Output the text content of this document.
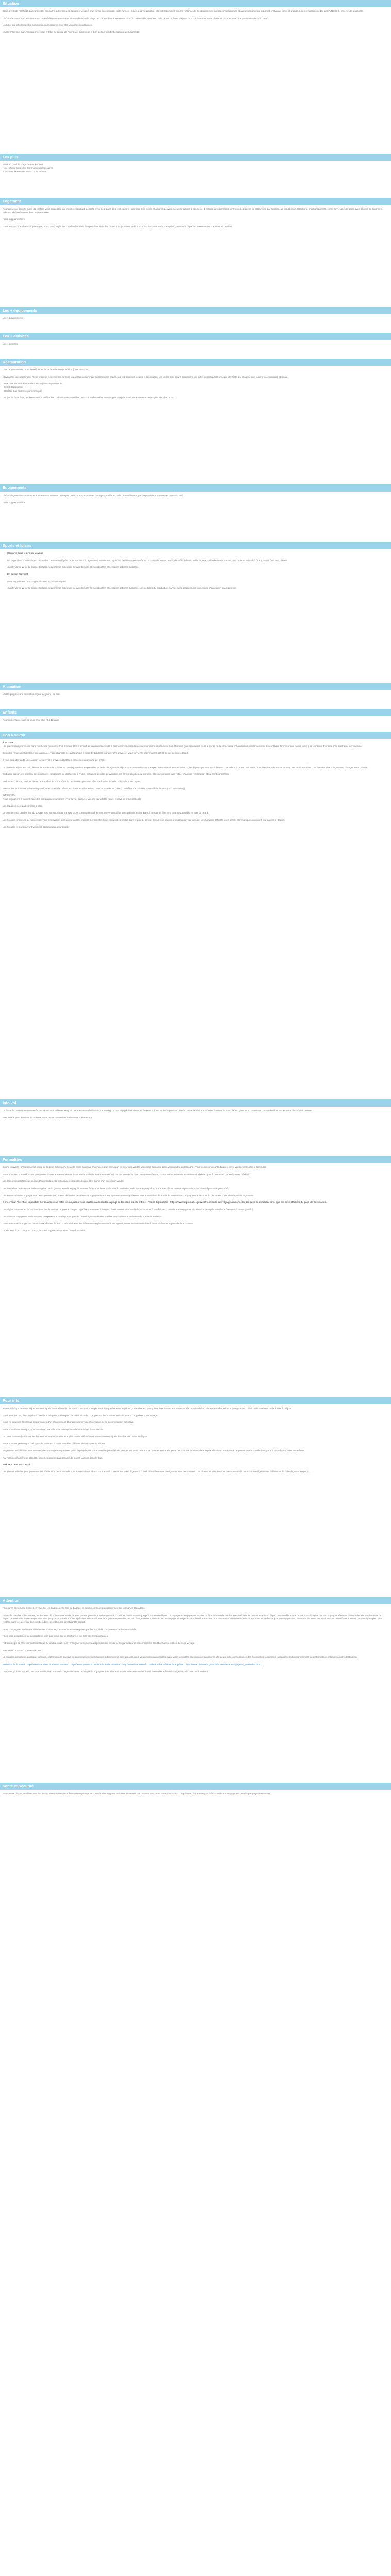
Situation

Situé à l'est de l'archipel, Lanzarote doit connaître autre îles des Canaries. Ajoutée d'un climat exceptionnel toute l'année. Grâce à sa vie paisible, elle est renommée pour le mélange de ses plages, ses paysages volcaniques et sa gastronomie qui pourront enchanter petits et grands. L'île est aussi protégée par l'UNESCO, réserve de biosphère.

L'hôtel VIK Hotel San Antonio 4* est un établissement moderne situé au bord de la plage de Los Pocillos à seulement 3km du centre-ville de Puerto del Carmen. L'hôtel dispose de 331 chambres et de plusieurs piscines avec vue panoramique sur l'océan.

Un hôtel qui offre toutes les commodités nécessaires pour des vacances inoubliables.

L'hôtel VIK Hotel San Antonio 4* se situe à 3 km du centre de Puerto del Carmen et à 8km de l'aéroport international de Lanzarote.

Les plus

Situé en bord de plage de Los Pocillos

Hôtel offrant toutes les commodités nécessaires

3 piscines extérieures dont 1 pour enfants

Logement

Pour un séjour sous le signe du confort, vous serez logé en chambre standard, décorée avec goût dans des tons clairs et lumineux. Ces belles chambres peuvent accueillir jusqu'à 2 adultes et 1 enfant. Les chambres sont toutes équipées de : télévision par satellite, air conditionné, téléphone, minibar (payant), coffre-fort*, salle de bains avec douche ou baignoire, toilettes, sèche-cheveux, balcon ou terrasse.

*frais supplémentaire

Dans le cas d'une chambre quadruple, vous serez logés en chambre familiale équipée d'un lit double ou de 2 lits jumeaux et de 1 ou 2 lits d'appoint (sofa, canapé-lit), avec une capacité maximale de 3 adultes et 1 enfant.

Les + équipements

Les + équipements

Les + activités

Les + activités

Restauration

Lors de votre séjour, vous bénéficierez de la formule demi-pension (hors boissons).

Moyennant un supplément, l'hôtel propose également la formule tout inclus comprenant aussi tous les repas, que les boissons locales et les snacks. Les repas sont servis sous forme de buffet au restaurant principal de l'hôtel qui propose une cuisine internationale et locale.

Deux bars servent à votre disposition (avec supplément) :

- Snack Bar piscine

- Cocktail Bar (terrasse panoramique)

Les jus de fruits frais, les boissons importées, les cocktails mais aussi les boissons en bouteilles ne sont pas compris. Une tenue correcte est exigée lors des repas.

Equipements

L'hôtel dispose des services et équipements suivants : réception 24h/24, room service*, boutique*, coiffeur*, salle de conférence, parking extérieur, transats et parasols, wifi.

*frais supplémentaire

Sports et loisirs

Compris dans le prix du voyage

Un large choix d'activités est disponible : animation légère de jour et de soir, 3 piscines extérieures, 1 piscine extérieure pour enfants, 2 courts de tennis, tennis de table, billards, salle de jeux, salle de fitness, sauna, aire de jeux, mini-club (4 à 12 ans), bain turc, fitness.

À noter qu'au vu de la météo, certains équipements extérieurs peuvent ne pas être praticables et certaines activités annulées.

En option (payant)

Avec supplément : massages et soins, sports nautiques.

À noter qu'au vu de la météo, certains équipements extérieurs peuvent ne pas être praticables et certaines activités annulées. Les activités du sport et les soirées sont assurées par une équipe d'animation internationale.

Animation

L'hôtel propose une animation légère de jour et de soir.

Enfants

Pour vos enfants : aire de jeux, mini-club (4 à 12 ans).

Bon à savoir

À NOTER

Les prestations proposées dans nos fiches peuvent à tout moment être suspendues ou modifiées suite à des restrictions sanitaires ou pour raison impérieuse. Les différents gouvernements dans le cadre de la lutte contre d'éventuelles pandémies sont susceptibles d'imposer des délais, ainsi que Monsieur Tourisme n'en sont tenu responsable.

Selon les règles de l'hôtellerie internationale, votre chambre sera disponible à partir de 14h00 le jour de votre arrivée et vous devrez la libérer avant 12h00 le jour de votre départ.

Il vous sera demandé une caution lors de votre arrivée à l'hôtel en espèces ou par carte de crédit.

La durée du séjour est calculée sur le nombre de nuitées et non de journées. La première et la dernière jour de séjour sont consacrées au transport international. Les arrivées ou les départs pouvant avoir lieu en cours de nuit ou au petit matin, la nuitée des vols retour ne sont pas remboursables. Les horaires des vols peuvent changer sans préavis.

En basse saison, en fonction des conditions climatiques ou d'affluence à l'hôtel, certaines activités peuvent ne pas être pratiquées ou fermées. Elles ne peuvent faire l'objet d'aucune réclamation et/ou remboursement.

En fonction de vos horaires de vol, le transfert de votre hôtel de destination peut être effectué à votre arrivée ou lors de votre départ.

Suivant les indications suivantes quand vous sortez de l'aéroport : Sortir à droite, suivre "Bus" et monter le (Hôte ; Transfert "Lanzarote - Puerto del Carmen" (Taxi Bus Hôtel)).

INFOS VOL

Nous voyageons à travers l'une des compagnies suivantes : Transavia, EasyJet, Vueling ou Volotea (sous réserve de modifications)

Les repas ne sont pas compris à bord.

Le premier et le dernier jour du voyage sont consacrés au transport. Les compagnies aériennes peuvent modifier sans préavis les horaires, il ne saurait être tenu pour responsable en cas de retard.

Les horaires proposés au moment de votre réservation sont donnés à titre indicatif. Le transfert hôtel-aéroport est inclus dans le prix du séjour. Il peut être soumis à modification par la suite. Les horaires définitifs vous seront communiqués environ 7 jours avant le départ.

Les horaires retour pourront vous être communiqués sur place.

Info vol

La flotte de Volotea est composée de 39 avions modèle Boeing 717 et 4 avions Airbus A319. Le Boeing 717 est équipé de moteurs Rolls-Royce, il est reconnu pour son confort et sa fiabilité. Ce modèle d'avions de 125 places, garantit un niveau de confort élevé et respectueux de l'environnement.

Pour voir le parc d'avions de Volotea, vous pouvez consulter le site www.volotea.com.

Formalités

Bonne nouvelle : L'Espagne fait partie de la zone Schengen. Seule la carte nationale d'identité ou un passeport en cours de validité vous sera demandé pour vous rendre en Espagne. Pour les ressortissants d'autres pays, veuillez consulter le Consulat.

Nous vous recommandons de vous munir d'une carte européenne d'assurance maladie avant votre départ. En cas de séjour hors Union européenne, contactez les autorités sanitaires et n'hésitez pas à demander conseil à votre médecin.

Les ressortissants français qui ne détiennent plus la nationalité espagnole doivent être munis d'un passeport valide.

Les nouvelles mesures sanitaires exigées par le gouvernement espagnol peuvent être consultées sur le site du ministère de la santé espagnol ou sur le site officiel France Diplomatie https://www.diplomatie.gouv.fr/fr/.

Les enfants doivent voyager avec leurs propres documents d'identité. Les mineurs voyageant sans leurs parents doivent présenter une autorisation de sortie de territoire accompagnée de la copie du document d'identité du parent signataire.

Concernant l'éventuel impact de Coronavirus sur votre séjour, nous vous invitons à consulter la page ci-dessous du site officiel France Diplomatie : https://www.diplomatie.gouv.fr/fr/conseils-aux-voyageurs/conseils-par-pays-destination/ ainsi que les sites officiels du pays de destination.

Les règles relatives au fonctionnement des frontières propres à chaque pays étant amenées à évoluer, il est vivement conseillé de se reporter à la rubrique "conseils aux voyageurs" du site France Diplomatie(https://www.diplomatie.gouv.fr/).

Les mineurs voyageant seuls ou avec une personne ne disposant pas de l'autorité parentale devront être munis d'une autorisation de sortie de territoire.

Ressortissants étrangers et binationaux, doivent être en conformité avec les différentes réglementations en vigueur, selon leur nationalité et doivent s'informer auprès de leur consulat.

COURANT ÉLECTRIQUE : 230 V et 50Hz. Type F. Adaptateur non nécessaire.

Pour info

Taxe touristique de votre séjour communiquée avant réception de votre convocation ne pouvant être payée avant le départ, cette taxe est à acquitter directement sur place auprès de votre hôtel. Elle est variable selon la catégorie de l'hôtel, de la saison et de la durée du séjour.

Dans tous les cas, il est impératif que vous adoptiez la réception de la convocation comprenant les horaires définitifs avant d'organiser votre voyage.

Nous ne pouvons être tenus responsables d'un changement d'horaires dans votre réservation ou de la convocation définitive.

Nous vous informons que, pour ce séjour, les vols sont susceptibles de faire l'objet d'une escale.

La convocation à l'aéroport, les horaires et heures locales et le plan du vol définitif vous seront communiqués dans les 48h avant le départ.

Nous vous rappelons que l'aéroport de Paris est à Paris peut être différent de l'aéroport de départ.

Moyennant supplément, nos services de conciergerie organisent votre départ depuis votre domicile jusqu'à l'aéroport, et sur votre retour. Les navettes entre aéroports ne sont pas incluses dans le prix du séjour. Nous vous rappelons que le transfert est garanti entre l'aéroport et votre hôtel.

Par mesure d'hygiène et sécurité, nous ne pouvons pas garantir de places assises dans le bus.

PRÉVENTION SÉCURITÉ

Les photos utilisées pour présenter les hôtels et la destination le sont à titre indicatif et non contractuel. Concernant votre logement, l'hôtel offre différentes configurations et décorations. Les chambres allouées lors de votre arrivée pourront être légèrement différentes de celles figurant en photo.

Attention

* Mesures de sécurité (prévenez-vous sur les bagages) : le tarif du bagage en cabine est sujet au changement sur les lignes dégradées.

* Dans le cas des vols charters, les horaires de vol communiqués ne sont jamais garantis. Un changement d'horaires peut intervenir jusqu'à la date de départ. Le voyageur s'engage à consulter ou être informé de ses horaires définitifs 48 heures avant son départ. Les modifications de vol occasionnées par la compagnie aérienne peuvent décaler vos horaires de départ de quelques heures et pouvant aller jusqu'à 24 heures. Le tour opérateur ne saurait être tenu pour responsable de ces changements. Dans ce cas, les voyageurs ne pourront prétendre à aucun remboursement ou compensation. Le premier et le dernier jour du voyage sont consacrés au transport. Les horaires définitifs vous seront communiqués par notre représentant lors de votre convocation dans les 48 heures précédant le départ.

* Les compagnies aériennes utilisées ont toutes reçu les autorisations requises par les autorités compétentes de l'aviation civile.

* Les frais obligatoires ou facultatifs ne sont pas inclus sur la brochure et ne sont pas remboursables.

* Chronologie de l'événement touristique du rendez-vous : Les renseignements sont à disposition sur le site de l'organisateur et concernent les conditions de réception de votre voyage.

INFORMATIONS AUX VOYAGEURS :

La situation climatique, politique, sanitaire, réglementaire du pays ou du monde pouvant changer subitement et sans préavis, nous vous invitons à consulter avant votre départ les sites internet consacrés afin de prendre connaissance des éventuelles restrictions, obligations ou tout simplement des informations relatives à votre destination.

Ministère de la Santé : http://www.ecs.sante.fr "Institut Pasteur" : http://www.pasteur.fr "Institut de veille sanitaire" : http://www.invs.sante.fr "Ministère des Affaires Étrangères" : http://www.diplomatie.gouv.fr/fr/conseils-aux-voyageurs_909/index.html

*Sachant qu'il est rappelé que tous les risques du monde ne peuvent être portés par le voyagiste. Les informations données sont celles du Ministère des Affaires Étrangères, à la date du document.

Santé et Sécurité

Avant votre départ, veuillez consulter le site du ministère des Affaires étrangères pour connaître les risques sanitaires éventuels qui peuvent concerner votre destination : http://www.diplomatie.gouv.fr/fr/conseils-aux-voyageurs/conseils-par-pays-destination/
